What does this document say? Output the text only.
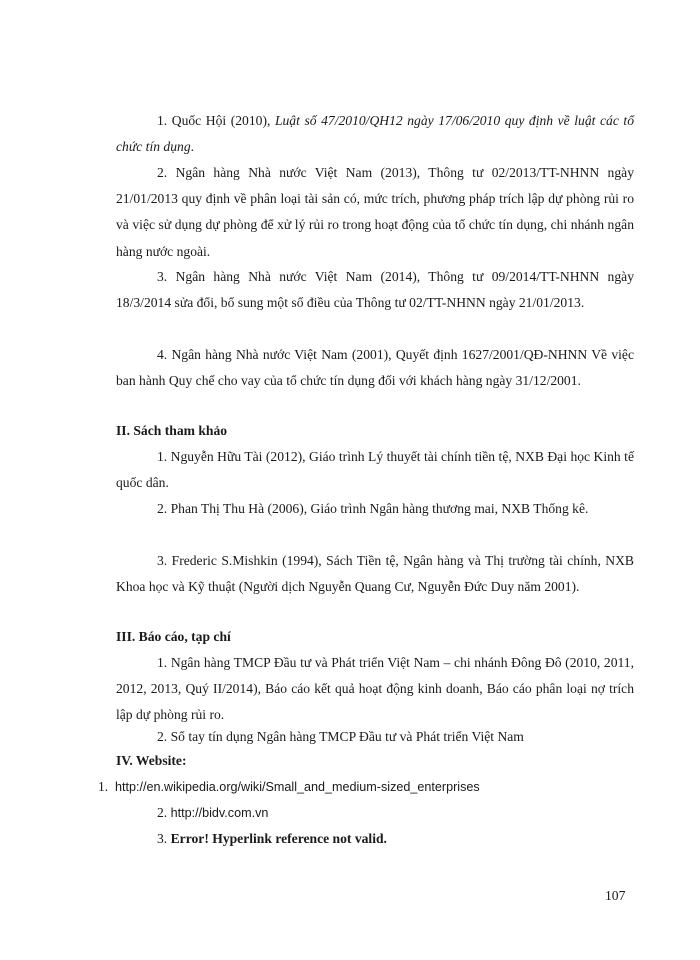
1. Quốc Hội (2010), Luật số 47/2010/QH12 ngày 17/06/2010 quy định về luật các tổ chức tín dụng.
2. Ngân hàng Nhà nước Việt Nam (2013), Thông tư 02/2013/TT-NHNN ngày 21/01/2013 quy định về phân loại tài sản có, mức trích, phương pháp trích lập dự phòng rủi ro và việc sử dụng dự phòng để xử lý rủi ro trong hoạt động của tổ chức tín dụng, chi nhánh ngân hàng nước ngoài.
3. Ngân hàng Nhà nước Việt Nam (2014), Thông tư 09/2014/TT-NHNN ngày 18/3/2014 sửa đổi, bổ sung một số điều của Thông tư 02/TT-NHNN ngày 21/01/2013.
4. Ngân hàng Nhà nước Việt Nam (2001), Quyết định 1627/2001/QĐ-NHNN Về việc ban hành Quy chế cho vay của tổ chức tín dụng đối với khách hàng ngày 31/12/2001.
II. Sách tham khảo
1. Nguyễn Hữu Tài (2012), Giáo trình Lý thuyết tài chính tiền tệ, NXB Đại học Kinh tế quốc dân.
2. Phan Thị Thu Hà (2006), Giáo trình Ngân hàng thương mai, NXB Thống kê.
3. Frederic S.Mishkin (1994), Sách Tiền tệ, Ngân hàng và Thị trường tài chính, NXB Khoa học và Kỹ thuật (Người dịch Nguyễn Quang Cư, Nguyễn Đức Duy năm 2001).
III. Báo cáo, tạp chí
1. Ngân hàng TMCP Đầu tư và Phát triển Việt Nam – chi nhánh Đông Đô (2010, 2011, 2012, 2013, Quý II/2014), Báo cáo kết quả hoạt động kinh doanh, Báo cáo phân loại nợ trích lập dự phòng rủi ro.
2. Sổ tay tín dụng Ngân hàng TMCP Đầu tư và Phát triển Việt Nam
IV. Website:
1. http://en.wikipedia.org/wiki/Small_and_medium-sized_enterprises
2. http://bidv.com.vn
3. Error! Hyperlink reference not valid.
107
